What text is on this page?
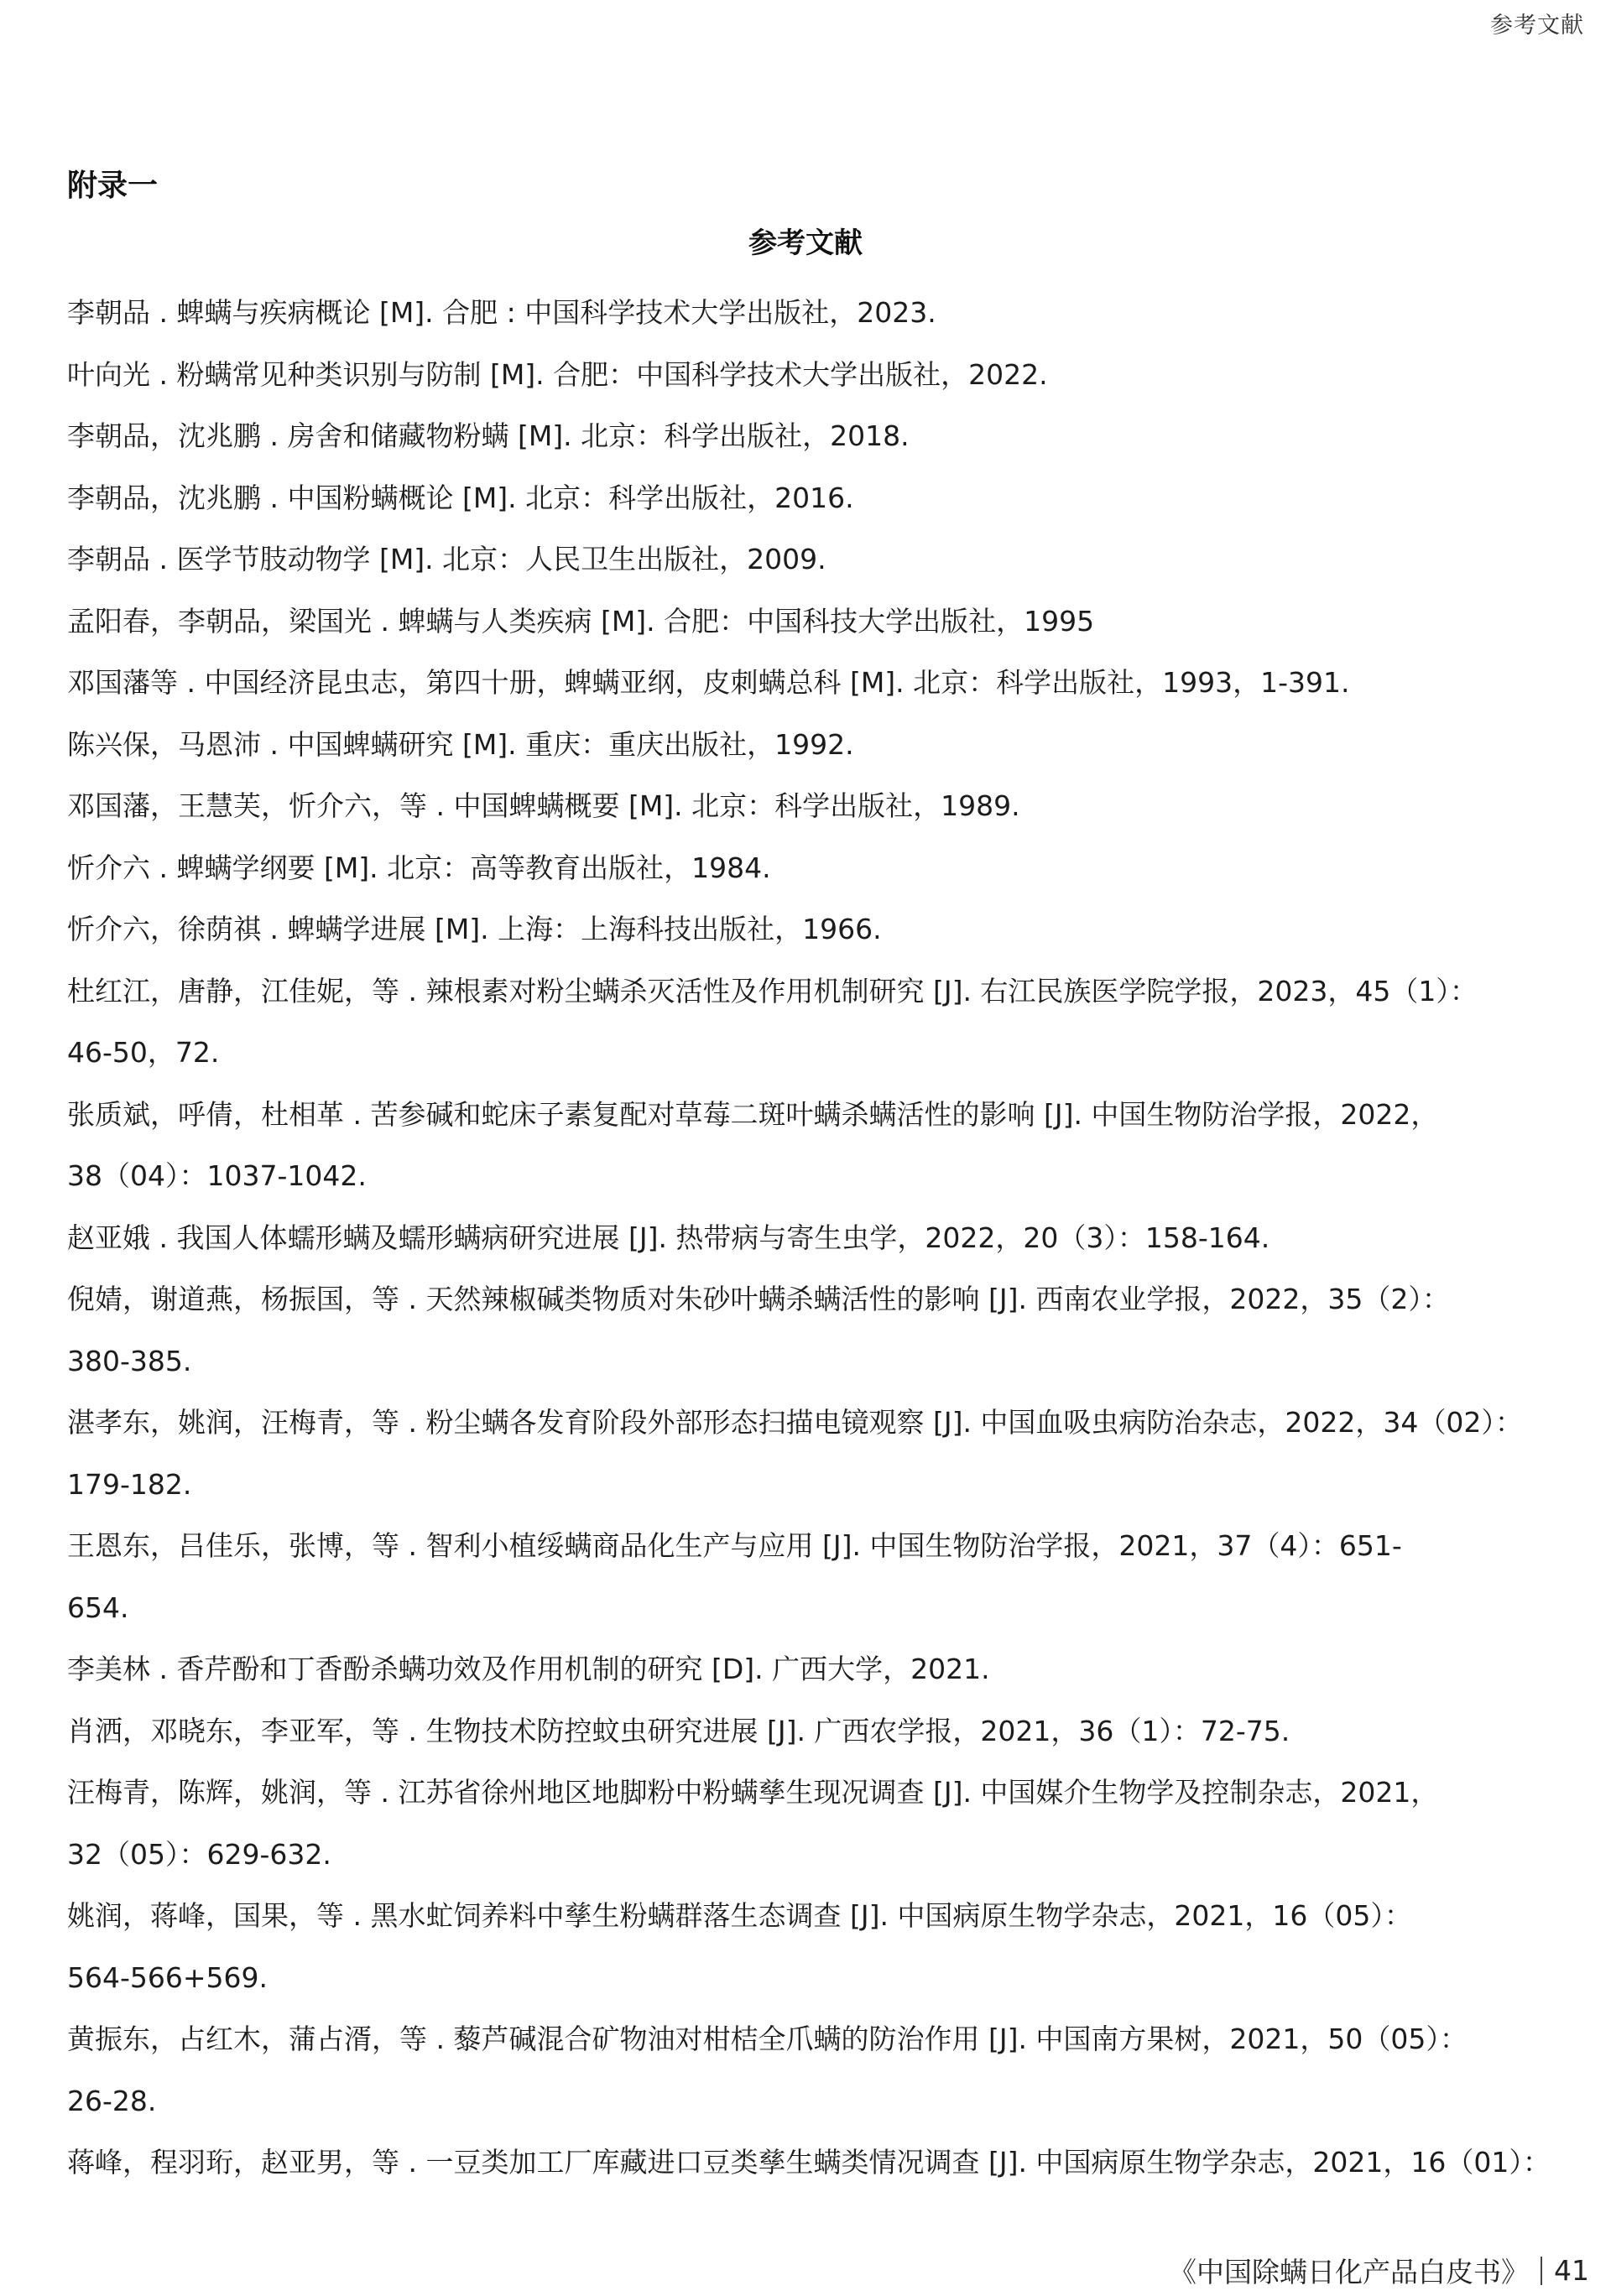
参考文献
附录一
参考文献
李朝品 . 蜱螨与疾病概论 [M]. 合肥 : 中国科学技术大学出版社，2023.
叶向光 . 粉螨常见种类识别与防制 [M]. 合肥：中国科学技术大学出版社，2022.
李朝品，沈兆鹏 . 房舍和储藏物粉螨 [M]. 北京：科学出版社，2018.
李朝品，沈兆鹏 . 中国粉螨概论 [M]. 北京：科学出版社，2016.
李朝品 . 医学节肢动物学 [M]. 北京：人民卫生出版社，2009.
孟阳春，李朝品，梁国光 . 蜱螨与人类疾病 [M]. 合肥：中国科技大学出版社，1995
邓国藩等 . 中国经济昆虫志，第四十册，蜱螨亚纲，皮刺螨总科 [M]. 北京：科学出版社，1993，1-391.
陈兴保，马恩沛 . 中国蜱螨研究 [M]. 重庆：重庆出版社，1992.
邓国藩，王慧芙，忻介六，等 . 中国蜱螨概要 [M]. 北京：科学出版社，1989.
忻介六 . 蜱螨学纲要 [M]. 北京：高等教育出版社，1984.
忻介六，徐荫祺 . 蜱螨学进展 [M]. 上海：上海科技出版社，1966.
杜红江，唐静，江佳妮，等 . 辣根素对粉尘螨杀灭活性及作用机制研究 [J]. 右江民族医学院学报，2023，45（1）：
46-50，72.
张质斌，呼倩，杜相革 . 苦参碱和蛇床子素复配对草莓二斑叶螨杀螨活性的影响 [J]. 中国生物防治学报，2022，
38（04）：1037-1042.
赵亚娥 . 我国人体蠕形螨及蠕形螨病研究进展 [J]. 热带病与寄生虫学，2022，20（3）：158-164.
倪婧，谢道燕，杨振国，等 . 天然辣椒碱类物质对朱砂叶螨杀螨活性的影响 [J]. 西南农业学报，2022，35（2）：
380-385.
湛孝东，姚润，汪梅青，等 . 粉尘螨各发育阶段外部形态扫描电镜观察 [J]. 中国血吸虫病防治杂志，2022，34（02）：
179-182.
王恩东，吕佳乐，张博，等 . 智利小植绥螨商品化生产与应用 [J]. 中国生物防治学报，2021，37（4）：651-
654.
李美林 . 香芹酚和丁香酚杀螨功效及作用机制的研究 [D]. 广西大学，2021.
肖洒，邓晓东，李亚军，等 . 生物技术防控蚊虫研究进展 [J]. 广西农学报，2021，36（1）：72-75.
汪梅青，陈辉，姚润，等 . 江苏省徐州地区地脚粉中粉螨孳生现况调查 [J]. 中国媒介生物学及控制杂志，2021，
32（05）：629-632.
姚润，蒋峰，国果，等 . 黑水虻饲养料中孳生粉螨群落生态调查 [J]. 中国病原生物学杂志，2021，16（05）：
564-566+569.
黄振东，占红木，蒲占湑，等 . 藜芦碱混合矿物油对柑桔全爪螨的防治作用 [J]. 中国南方果树，2021，50（05）：
26-28.
蒋峰，程羽珩，赵亚男，等 . 一豆类加工厂库藏进口豆类孳生螨类情况调查 [J]. 中国病原生物学杂志，2021，16（01）：
《中国除螨日化产品白皮书》 41
